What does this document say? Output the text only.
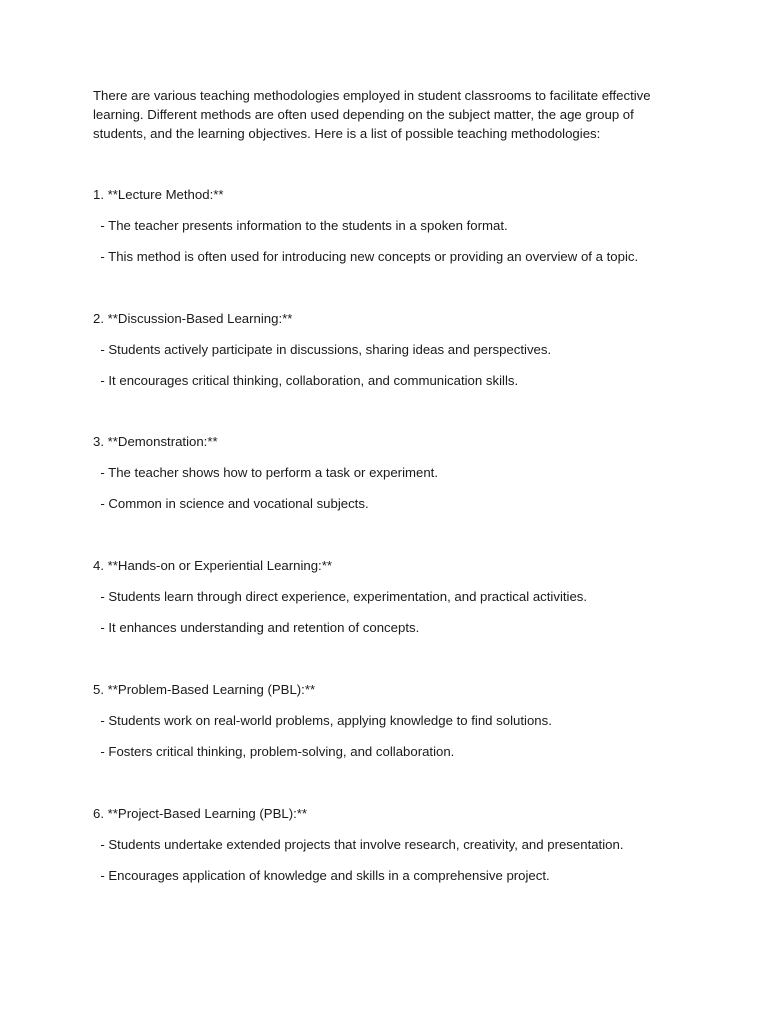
There are various teaching methodologies employed in student classrooms to facilitate effective learning. Different methods are often used depending on the subject matter, the age group of students, and the learning objectives. Here is a list of possible teaching methodologies:

1. **Lecture Method:**

- The teacher presents information to the students in a spoken format.

- This method is often used for introducing new concepts or providing an overview of a topic.

2. **Discussion-Based Learning:**

- Students actively participate in discussions, sharing ideas and perspectives.

- It encourages critical thinking, collaboration, and communication skills.

3. **Demonstration:**

- The teacher shows how to perform a task or experiment.

- Common in science and vocational subjects.

4. **Hands-on or Experiential Learning:**

- Students learn through direct experience, experimentation, and practical activities.

- It enhances understanding and retention of concepts.

5. **Problem-Based Learning (PBL):**

- Students work on real-world problems, applying knowledge to find solutions.

- Fosters critical thinking, problem-solving, and collaboration.

6. **Project-Based Learning (PBL):**

- Students undertake extended projects that involve research, creativity, and presentation.

- Encourages application of knowledge and skills in a comprehensive project.
